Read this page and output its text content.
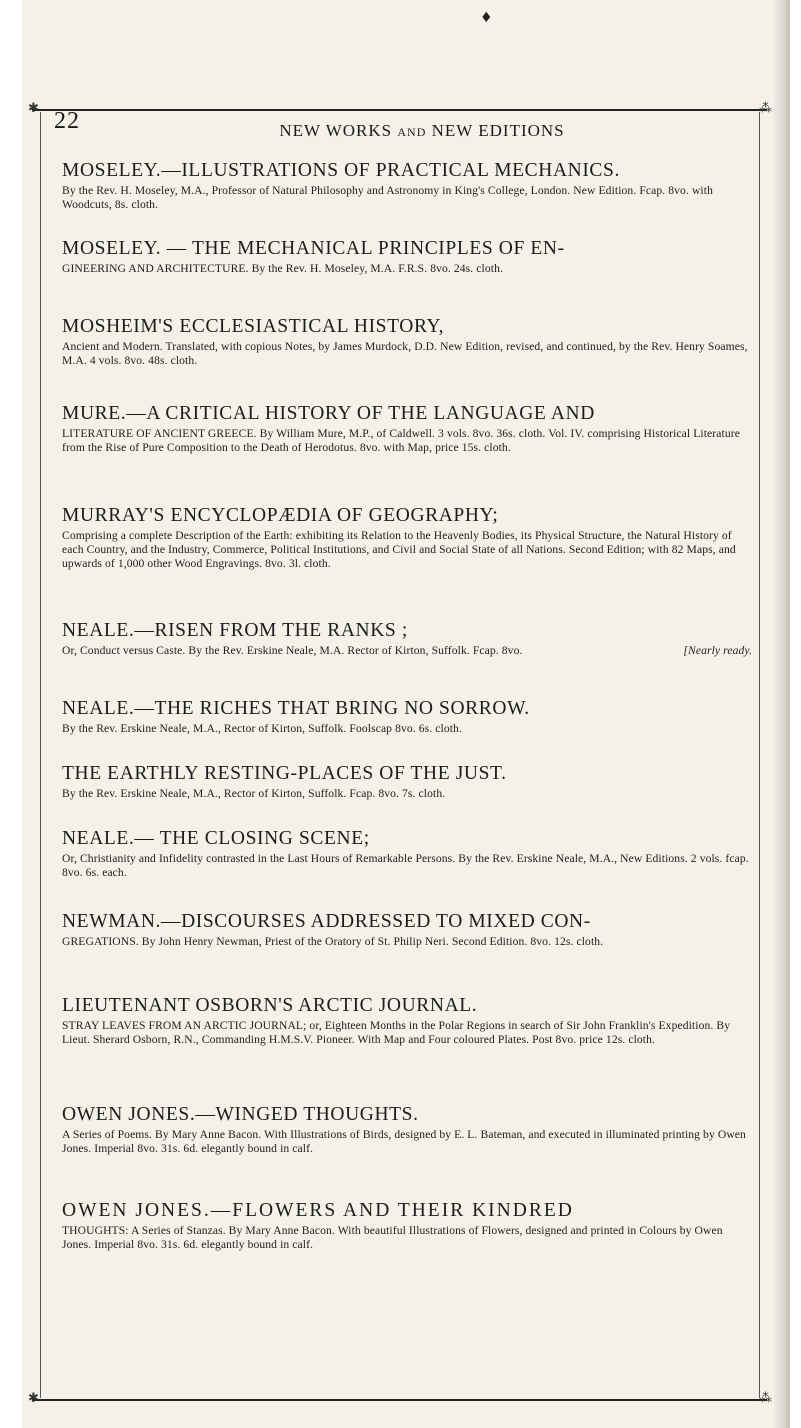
♦
✱	⁂
22	NEW WORKS AND NEW EDITIONS
MOSELEY.—ILLUSTRATIONS OF PRACTICAL MECHANICS.
By the Rev. H. Moseley, M.A., Professor of Natural Philosophy and Astronomy in King's College, London. New Edition. Fcap. 8vo. with Woodcuts, 8s. cloth.
MOSELEY. — THE MECHANICAL PRINCIPLES OF EN-
GINEERING AND ARCHITECTURE. By the Rev. H. Moseley, M.A. F.R.S. 8vo. 24s. cloth.
MOSHEIM'S ECCLESIASTICAL HISTORY,
Ancient and Modern. Translated, with copious Notes, by James Murdock, D.D. New Edition, revised, and continued, by the Rev. Henry Soames, M.A. 4 vols. 8vo. 48s. cloth.
MURE.—A CRITICAL HISTORY OF THE LANGUAGE AND
LITERATURE OF ANCIENT GREECE. By William Mure, M.P., of Caldwell. 3 vols. 8vo. 36s. cloth. Vol. IV. comprising Historical Literature from the Rise of Pure Composition to the Death of Herodotus. 8vo. with Map, price 15s. cloth.
MURRAY'S ENCYCLOPÆDIA OF GEOGRAPHY;
Comprising a complete Description of the Earth: exhibiting its Relation to the Heavenly Bodies, its Physical Structure, the Natural History of each Country, and the Industry, Commerce, Political Institutions, and Civil and Social State of all Nations. Second Edition; with 82 Maps, and upwards of 1,000 other Wood Engravings. 8vo. 3l. cloth.
NEALE.—RISEN FROM THE RANKS ;
Or, Conduct versus Caste. By the Rev. Erskine Neale, M.A. Rector of Kirton, Suffolk. Fcap. 8vo.	[Nearly ready.
NEALE.—THE RICHES THAT BRING NO SORROW.
By the Rev. Erskine Neale, M.A., Rector of Kirton, Suffolk. Foolscap 8vo. 6s. cloth.
THE EARTHLY RESTING-PLACES OF THE JUST.
By the Rev. Erskine Neale, M.A., Rector of Kirton, Suffolk. Fcap. 8vo. 7s. cloth.
NEALE.— THE CLOSING SCENE;
Or, Christianity and Infidelity contrasted in the Last Hours of Remarkable Persons. By the Rev. Erskine Neale, M.A., New Editions. 2 vols. fcap. 8vo. 6s. each.
NEWMAN.—DISCOURSES ADDRESSED TO MIXED CON-
GREGATIONS. By John Henry Newman, Priest of the Oratory of St. Philip Neri. Second Edition. 8vo. 12s. cloth.
LIEUTENANT OSBORN'S ARCTIC JOURNAL.
STRAY LEAVES FROM AN ARCTIC JOURNAL; or, Eighteen Months in the Polar Regions in search of Sir John Franklin's Expedition. By Lieut. Sherard Osborn, R.N., Commanding H.M.S.V. Pioneer. With Map and Four coloured Plates. Post 8vo. price 12s. cloth.
OWEN JONES.—WINGED THOUGHTS.
A Series of Poems. By Mary Anne Bacon. With Illustrations of Birds, designed by E. L. Bateman, and executed in illuminated printing by Owen Jones. Imperial 8vo. 31s. 6d. elegantly bound in calf.
OWEN JONES.—FLOWERS AND THEIR KINDRED
THOUGHTS: A Series of Stanzas. By Mary Anne Bacon. With beautiful Illustrations of Flowers, designed and printed in Colours by Owen Jones. Imperial 8vo. 31s. 6d. elegantly bound in calf.
✱	⁂
